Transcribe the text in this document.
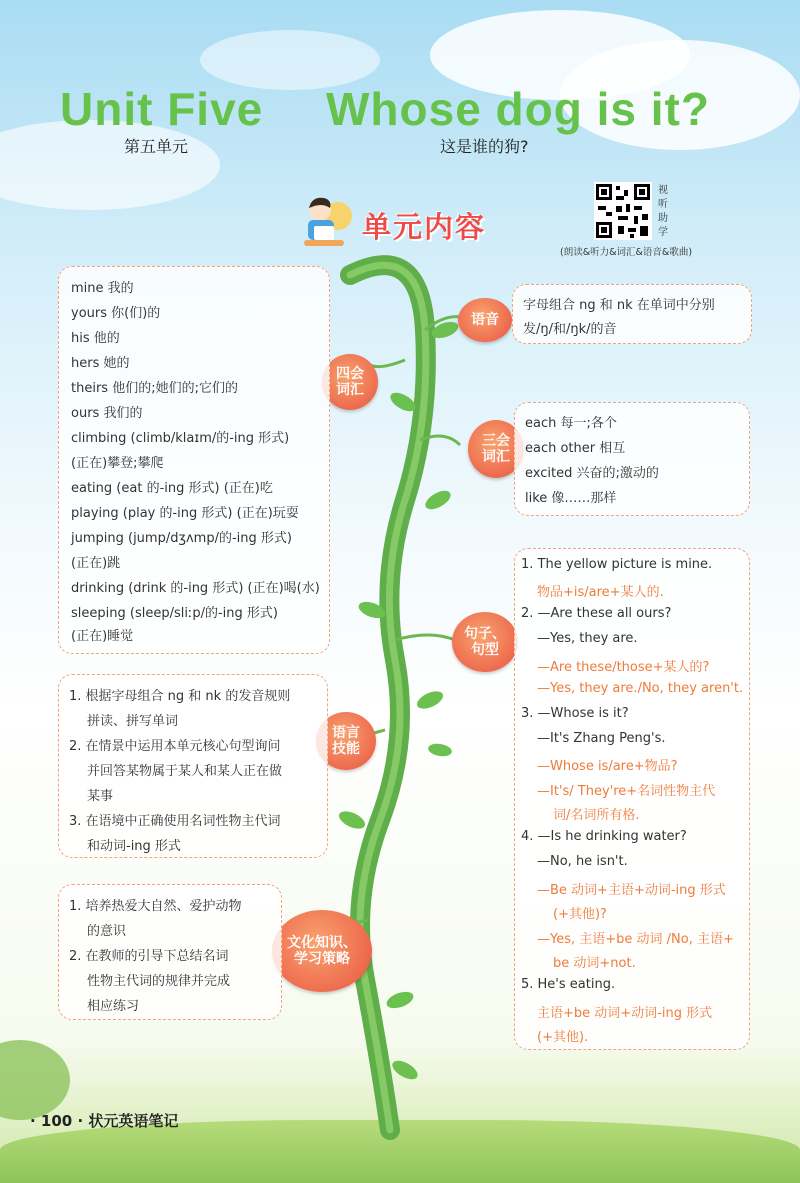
Unit Five Whose dog is it?
第五单元	这是谁的狗?
单元内容
视听助学
(朗读&听力&词汇&语音&歌曲)
语音
四会词汇
三会词汇
句子、句型
语言技能
文化知识、学习策略
字母组合 ng 和 nk 在单词中分别
发/ŋ/和/ŋk/的音
mine 我的
yours 你(们)的
his 他的
hers 她的
theirs 他们的;她们的;它们的
ours 我们的
climbing (climb/klaɪm/的-ing 形式)
(正在)攀登;攀爬
eating (eat 的-ing 形式) (正在)吃
playing (play 的-ing 形式) (正在)玩耍
jumping (jump/dʒʌmp/的-ing 形式)
(正在)跳
drinking (drink 的-ing 形式) (正在)喝(水)
sleeping (sleep/sliːp/的-ing 形式)
(正在)睡觉
each 每一;各个
each other 相互
excited 兴奋的;激动的
like 像……那样
1. The yellow picture is mine.
物品+is/are+某人的.
2. —Are these all ours?
—Yes, they are.
—Are these/those+某人的?
—Yes, they are./No, they aren't.
3. —Whose is it?
—It's Zhang Peng's.
—Whose is/are+物品?
—It's/ They're+名词性物主代
词/名词所有格.
4. —Is he drinking water?
—No, he isn't.
—Be 动词+主语+动词-ing 形式
(+其他)?
—Yes, 主语+be 动词 /No, 主语+
be 动词+not.
5. He's eating.
主语+be 动词+动词-ing 形式
(+其他).
1. 根据字母组合 ng 和 nk 的发音规则
拼读、拼写单词
2. 在情景中运用本单元核心句型询问
并回答某物属于某人和某人正在做
某事
3. 在语境中正确使用名词性物主代词
和动词-ing 形式
1. 培养热爱大自然、爱护动物
的意识
2. 在教师的引导下总结名词
性物主代词的规律并完成
相应练习
· 100 · 状元英语笔记
